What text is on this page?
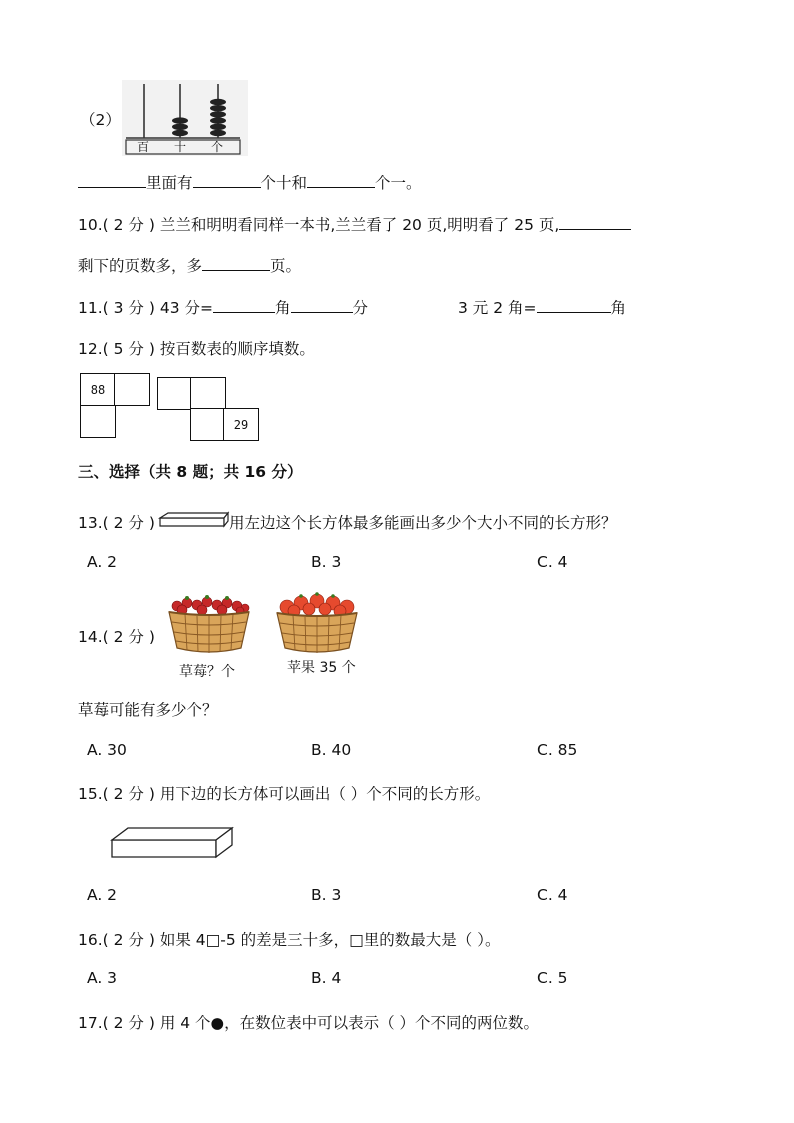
（2）
百 十 个
里面有	个十和	个一。
10.( 2 分 ) 兰兰和明明看同样一本书,兰兰看了 20 页,明明看了 25 页,
剩下的页数多，多	页。
11.( 3 分 ) 43 分=	角	分	3 元 2 角=	角
12.( 5 分 ) 按百数表的顺序填数。
88
29
三、选择（共 8 题；共 16 分）
13.( 2 分 )	用左边这个长方体最多能画出多少个大小不同的长方形？
A. 2	B. 3	C. 4
14.( 2 分 )
草莓？个	苹果 35 个
草莓可能有多少个？
A. 30	B. 40	C. 85
15.( 2 分 ) 用下边的长方体可以画出（ ）个不同的长方形。
A. 2	B. 3	C. 4
16.( 2 分 ) 如果 4□-5 的差是三十多，□里的数最大是（ ）。
A. 3	B. 4	C. 5
17.( 2 分 ) 用 4 个●，在数位表中可以表示（ ）个不同的两位数。
